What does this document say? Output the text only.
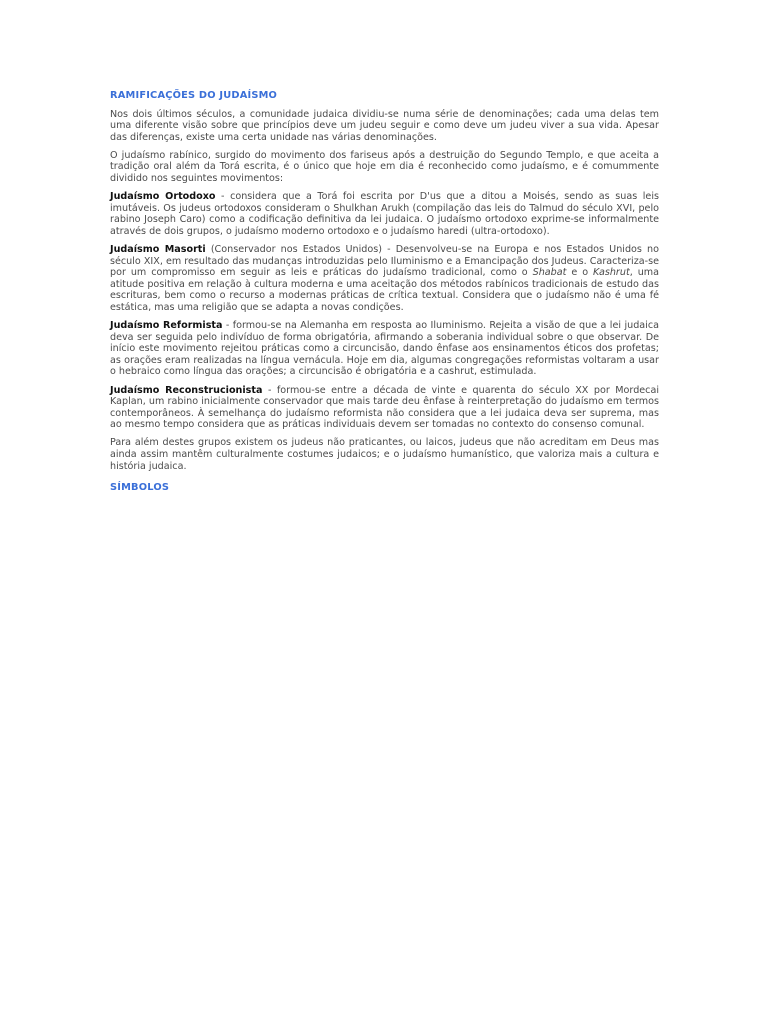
RAMIFICAÇÕES DO JUDAÍSMO

Nos dois últimos séculos, a comunidade judaica dividiu-se numa série de denominações; cada uma delas tem uma diferente visão sobre que princípios deve um judeu seguir e como deve um judeu viver a sua vida. Apesar das diferenças, existe uma certa unidade nas várias denominações.

O judaísmo rabínico, surgido do movimento dos fariseus após a destruição do Segundo Templo, e que aceita a tradição oral além da Torá escrita, é o único que hoje em dia é reconhecido como judaísmo, e é comummente dividido nos seguintes movimentos:

Judaísmo Ortodoxo - considera que a Torá foi escrita por D'us que a ditou a Moisés, sendo as suas leis imutáveis. Os judeus ortodoxos consideram o Shulkhan Arukh (compilação das leis do Talmud do século XVI, pelo rabino Joseph Caro) como a codificação definitiva da lei judaica. O judaísmo ortodoxo exprime-se informalmente através de dois grupos, o judaísmo moderno ortodoxo e o judaísmo haredi (ultra-ortodoxo).

Judaísmo Masorti (Conservador nos Estados Unidos) - Desenvolveu-se na Europa e nos Estados Unidos no século XIX, em resultado das mudanças introduzidas pelo Iluminismo e a Emancipação dos Judeus. Caracteriza-se por um compromisso em seguir as leis e práticas do judaísmo tradicional, como o Shabat e o Kashrut, uma atitude positiva em relação à cultura moderna e uma aceitação dos métodos rabínicos tradicionais de estudo das escrituras, bem como o recurso a modernas práticas de crítica textual. Considera que o judaísmo não é uma fé estática, mas uma religião que se adapta a novas condições.

Judaísmo Reformista - formou-se na Alemanha em resposta ao Iluminismo. Rejeita a visão de que a lei judaica deva ser seguida pelo indivíduo de forma obrigatória, afirmando a soberania individual sobre o que observar. De início este movimento rejeitou práticas como a circuncisão, dando ênfase aos ensinamentos éticos dos profetas; as orações eram realizadas na língua vernácula. Hoje em dia, algumas congregações reformistas voltaram a usar o hebraico como língua das orações; a circuncisão é obrigatória e a cashrut, estimulada.

Judaísmo Reconstrucionista - formou-se entre a década de vinte e quarenta do século XX por Mordecai Kaplan, um rabino inicialmente conservador que mais tarde deu ênfase à reinterpretação do judaísmo em termos contemporâneos. À semelhança do judaísmo reformista não considera que a lei judaica deva ser suprema, mas ao mesmo tempo considera que as práticas individuais devem ser tomadas no contexto do consenso comunal.

Para além destes grupos existem os judeus não praticantes, ou laicos, judeus que não acreditam em Deus mas ainda assim mantêm culturalmente costumes judaicos; e o judaísmo humanístico, que valoriza mais a cultura e história judaica.

SÍMBOLOS
